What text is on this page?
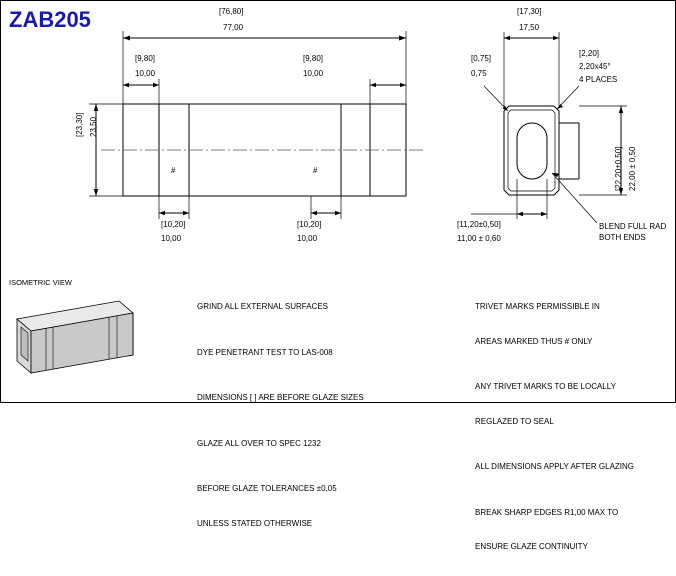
ZAB205	[76,80]
77,00
[9,80]
10,00
[9,80]
10,00
[23,30] 23,50
[10,20]
10,00
[10,20]
10,00
#	#
[17,30]
17,50
[0,75]
0,75
[2,20]
2,20x45°
4 PLACES
[22,20±0,50] 22,00 ± 0,50
[11,20±0,50]
11,00 ± 0,60
BLEND FULL RAD
BOTH ENDS
ISOMETRIC VIEW

GRIND ALL EXTERNAL SURFACES

DYE PENETRANT TEST TO LAS-008

DIMENSIONS [ ] ARE BEFORE GLAZE SIZES

GLAZE ALL OVER TO SPEC 1232

BEFORE GLAZE TOLERANCES ±0,05

UNLESS STATED OTHERWISE

TRIVET MARKS PERMISSIBLE IN

AREAS MARKED THUS # ONLY

ANY TRIVET MARKS TO BE LOCALLY

REGLAZED TO SEAL

ALL DIMENSIONS APPLY AFTER GLAZING

BREAK SHARP EDGES R1,00 MAX TO

ENSURE GLAZE CONTINUITY
